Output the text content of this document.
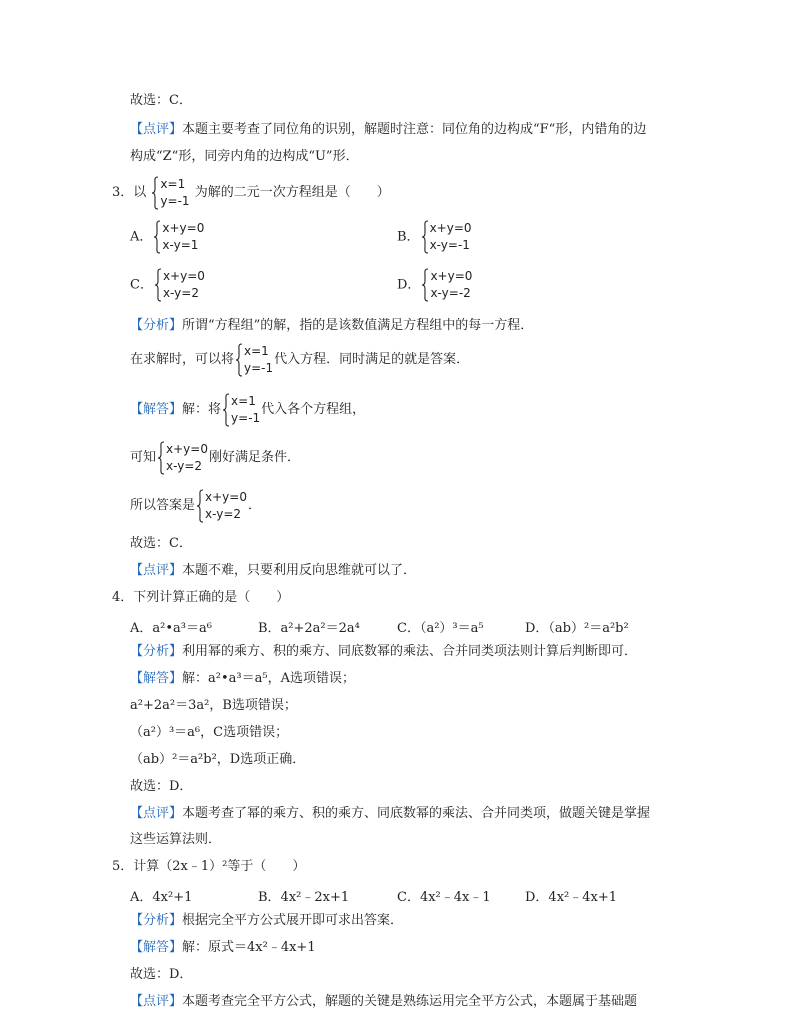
故选：C．
【点评】本题主要考查了同位角的识别，解题时注意：同位角的边构成“F“形，内错角的边
构成“Z“形，同旁内角的边构成“U”形．
3．以
x=1
y=-1
为解的二元一次方程组是（　　）
A．
x+y=0
x-y=1
B．
x+y=0
x-y=-1
C．
x+y=0
x-y=2
D．
x+y=0
x-y=-2
【分析】所谓“方程组”的解，指的是该数值满足方程组中的每一方程．
在求解时，可以将
x=1
y=-1
代入方程．同时满足的就是答案．
【解答】解：将
x=1
y=-1
代入各个方程组，
可知
x+y=0
x-y=2
刚好满足条件．
所以答案是
x+y=0
x-y=2
．
故选：C．
【点评】本题不难，只要利用反向思维就可以了．
4．下列计算正确的是（　　）
A．a²•a³＝a⁶	B．a²+2a²＝2a⁴	C．（a²）³＝a⁵	D．（ab）²＝a²b²
【分析】利用幂的乘方、积的乘方、同底数幂的乘法、合并同类项法则计算后判断即可．
【解答】解：a²•a³＝a⁵，A选项错误；
a²+2a²＝3a²，B选项错误；
（a²）³＝a⁶，C选项错误；
（ab）²＝a²b²，D选项正确．
故选：D．
【点评】本题考查了幂的乘方、积的乘方、同底数幂的乘法、合并同类项，做题关键是掌握
这些运算法则．
5．计算（2x﹣1）²等于（　　）
A．4x²+1	B．4x²﹣2x+1	C．4x²﹣4x﹣1	D．4x²﹣4x+1
【分析】根据完全平方公式展开即可求出答案．
【解答】解：原式＝4x²﹣4x+1
故选：D．
【点评】本题考查完全平方公式，解题的关键是熟练运用完全平方公式，本题属于基础题
